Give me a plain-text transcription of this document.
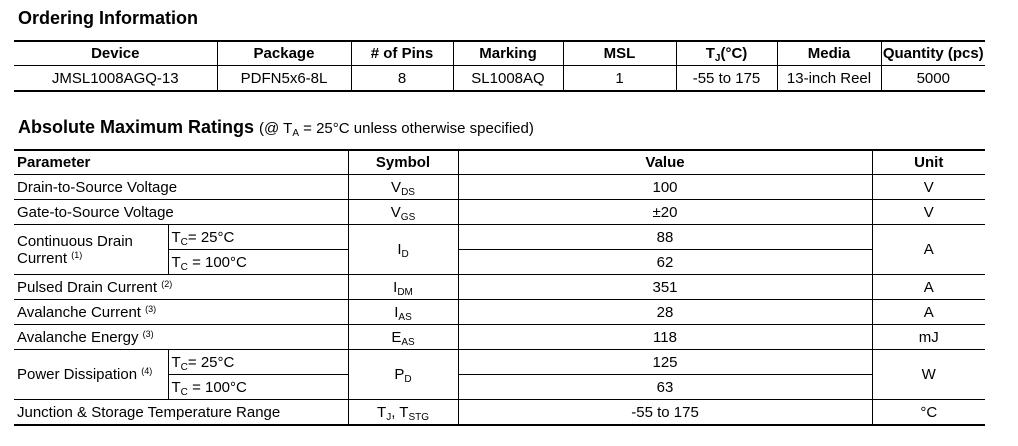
Ordering Information
Device	Package	# of Pins	Marking	MSL	$T_J(^\circ C)$	Media	Quantity (pcs)
JMSL1008AGQ-13	PDFN5x6-8L	8	SL1008AQ	1	-55 to 175	13-inch Reel	5000
Absolute Maximum Ratings (@ $T_A = 25^\circ C$ unless otherwise specified)
Parameter		Symbol	Value	Unit
Drain-to-Source Voltage		$V_{DS}$	100	V
Gate-to-Source Voltage		$V_{GS}$	±20	V

Continuous Drain
Current $^{(1)}$	$T_C= 25^\circ C$	$I_D$	88	A
	$T_C = 100^\circ C$		62	
Pulsed Drain Current $^{(2)}$		$I_{DM}$	351	A
Avalanche Current $^{(3)}$		$I_{AS}$	28	A
Avalanche Energy $^{(3)}$		$E_{AS}$	118	mJ
Power Dissipation $^{(4)}$	$T_C= 25^\circ C$	$P_D$	125	W
	$T_C = 100^\circ C$		63	
Junction & Storage Temperature Range		$T_J$, $T_{STG}$	-55 to 175	°C
